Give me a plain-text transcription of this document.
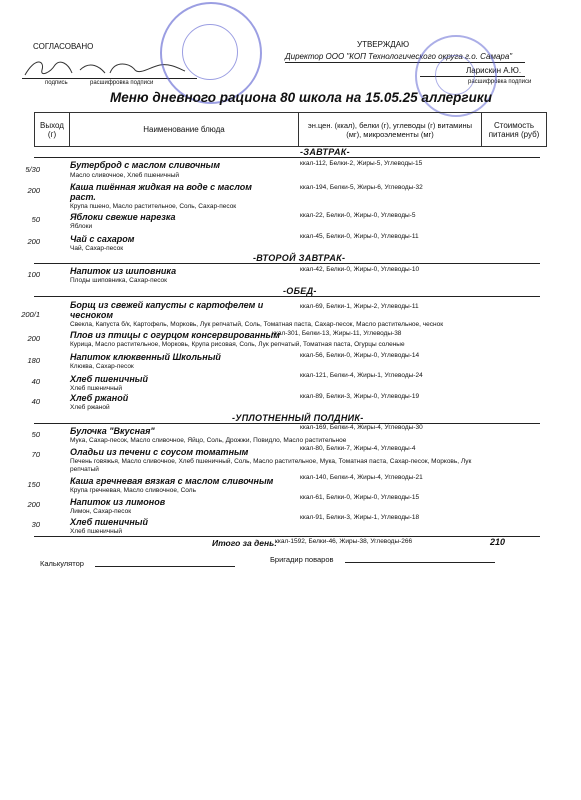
СОГЛАСОВАНО
подпись	расшифровка подписи
УТВЕРЖДАЮ
Директор ООО "КОП Технологического округа г.о. Самара"
Ларискин А.Ю.
расшифровка подписи
Меню дневного рациона 80 школа на 15.05.25 аллергики
Выход (г)	Наименование блюда	эн.цен. (ккал), белки (г), углеводы (г) витамины (мг), микроэлементы (мг)	Стоимость питания (руб)
-ЗАВТРАК-
5/30	Бутерброд с маслом сливочным
Масло сливочное, Хлеб пшеничный
ккал-112, Белки-2, Жиры-5, Углеводы-15
200	Каша пшённая жидкая на воде с маслом раст.
Крупа пшено, Масло растительное, Соль, Сахар-песок
ккал-194, Белки-5, Жиры-6, Углеводы-32
50	Яблоки свежие нарезка
Яблоки
ккал-22, Белки-0, Жиры-0, Углеводы-5
200	Чай с сахаром
Чай, Сахар-песок
ккал-45, Белки-0, Жиры-0, Углеводы-11
-ВТОРОЙ ЗАВТРАК-
100	Напиток из шиповника
Плоды шиповника, Сахар-песок
ккал-42, Белки-0, Жиры-0, Углеводы-10
-ОБЕД-
200/1
Борщ из свежей капусты с картофелем и чесноком
Свекла, Капуста б/к, Картофель, Морковь, Лук репчатый, Соль, Томатная паста, Сахар-песок, Масло растительное, чеснок
ккал-69, Белки-1, Жиры-2, Углеводы-11
200	Плов из птицы с огурцом консервированным
Курица, Масло растительное, Морковь, Крупа рисовая, Соль, Лук репчатый, Томатная паста, Огурцы соленые
ккал-301, Белки-13, Жиры-11, Углеводы-38
180	Напиток клюквенный Школьный
Клюква, Сахар-песок
ккал-56, Белки-0, Жиры-0, Углеводы-14
40	Хлеб пшеничный
Хлеб пшеничный
ккал-121, Белки-4, Жиры-1, Углеводы-24
40	Хлеб ржаной
Хлеб ржаной
ккал-89, Белки-3, Жиры-0, Углеводы-19
-УПЛОТНЕННЫЙ ПОЛДНИК-
50	Булочка "Вкусная"
Мука, Сахар-песок, Масло сливочное, Яйцо, Соль, Дрожжи, Повидло, Масло растительное
ккал-169, Белки-4, Жиры-4, Углеводы-30
70	Оладьи из печени с соусом томатным
Печень говяжья, Масло сливочное, Хлеб пшеничный, Соль, Масло растительное, Мука, Томатная паста, Сахар-песок, Морковь, Лук репчатый
ккал-80, Белки-7, Жиры-4, Углеводы-4
150	Каша гречневая вязкая с маслом сливочным
Крупа гречневая, Масло сливочное, Соль
ккал-140, Белки-4, Жиры-4, Углеводы-21
200	Напиток из лимонов
Лимон, Сахар-песок
ккал-61, Белки-0, Жиры-0, Углеводы-15
30	Хлеб пшеничный
Хлеб пшеничный
ккал-91, Белки-3, Жиры-1, Углеводы-18
Итого за день:
ккал-1592, Белки-46, Жиры-38, Углеводы-266	210
Калькулятор	Бригадир поваров
